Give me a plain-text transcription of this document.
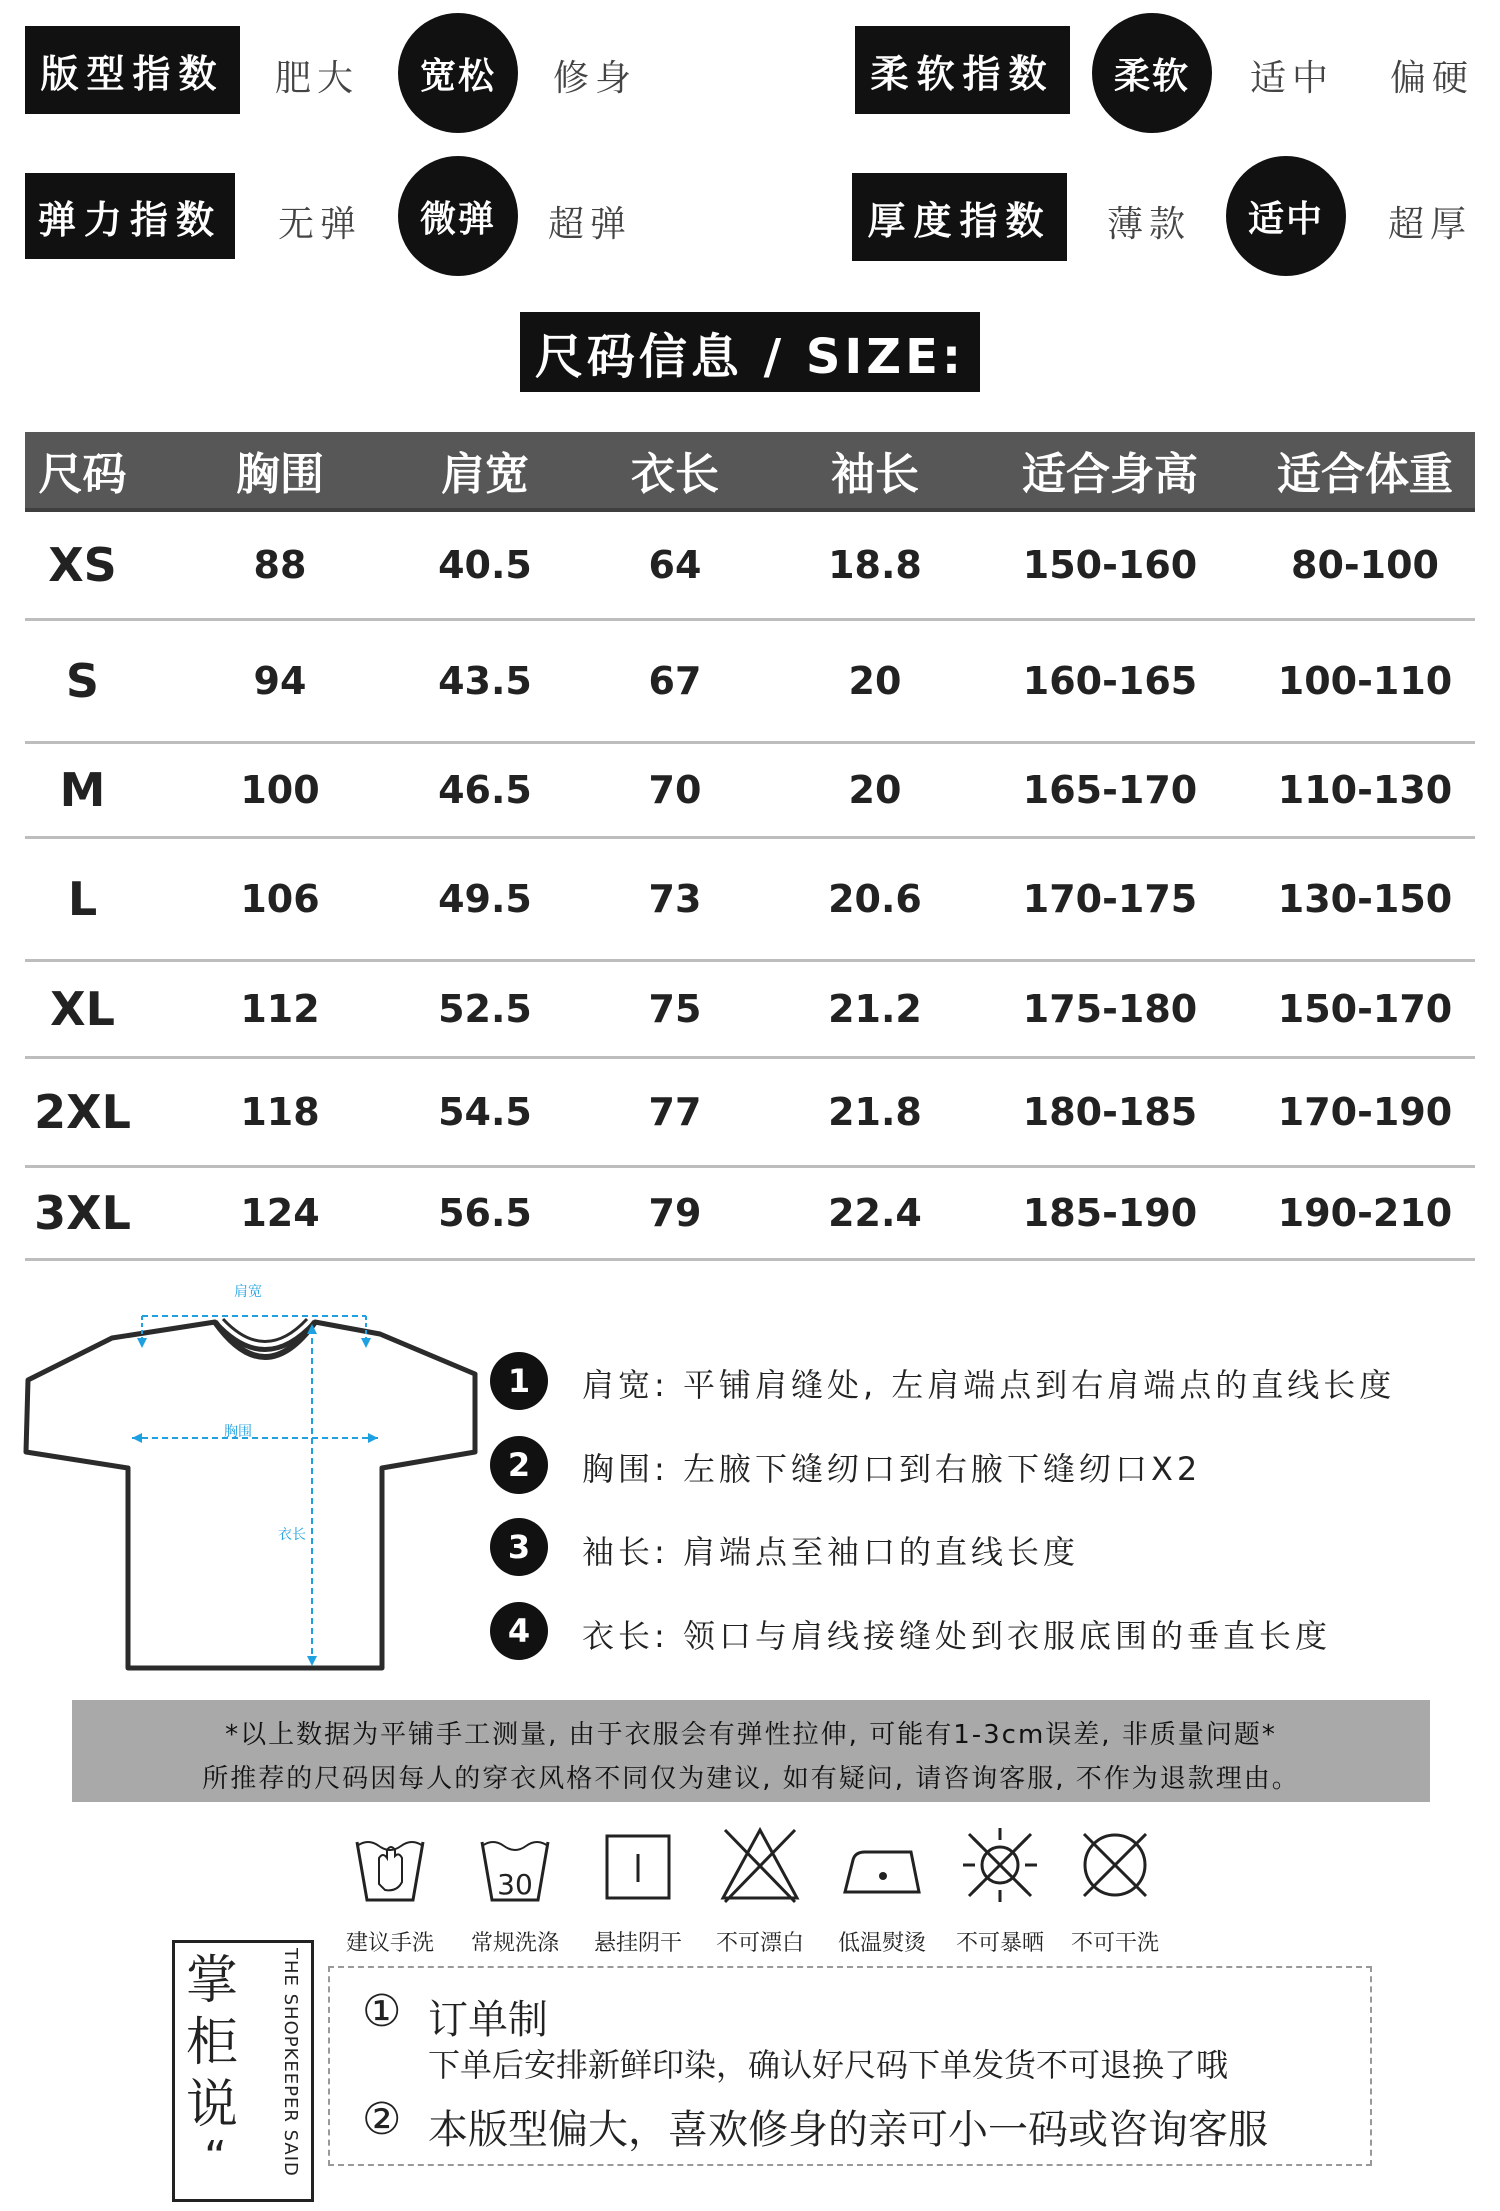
版型指数	肥大	宽松	修身	柔软指数	柔软	适中 偏硬
弹力指数	无弹	微弹	超弹	厚度指数	薄款	适中	超厚
尺码信息 / SIZE:
尺码	胸围	肩宽	衣长	袖长	适合身高	适合体重
XS	88	40.5	64	18.8	150-160	80-100
S	94	43.5	67	20	160-165	100-110
M	100	46.5	70	20	165-170	110-130
L	106	49.5	73	20.6	170-175	130-150
XL	112	52.5	75	21.2	175-180	150-170
2XL	118	54.5	77	21.8	180-185	170-190
3XL	124	56.5	79	22.4	185-190	190-210
肩宽
胸围
衣长
1	肩宽: 平铺肩缝处, 左肩端点到右肩端点的直线长度
2	胸围: 左腋下缝纫口到右腋下缝纫口X2
3	袖长: 肩端点至袖口的直线长度
4	衣长: 领口与肩线接缝处到衣服底围的垂直长度
*以上数据为平铺手工测量, 由于衣服会有弹性拉伸, 可能有1-3cm误差, 非质量问题*
所推荐的尺码因每人的穿衣风格不同仅为建议, 如有疑问, 请咨询客服, 不作为退款理由。
建议手洗
30
常规洗涤	悬挂阴干	不可漂白	低温熨烫	不可暴晒	不可干洗
掌柜说
“	THE SHOPKEEPER SAID ① 订单制
下单后安排新鲜印染，确认好尺码下单发货不可退换了哦
② 本版型偏大，喜欢修身的亲可小一码或咨询客服
